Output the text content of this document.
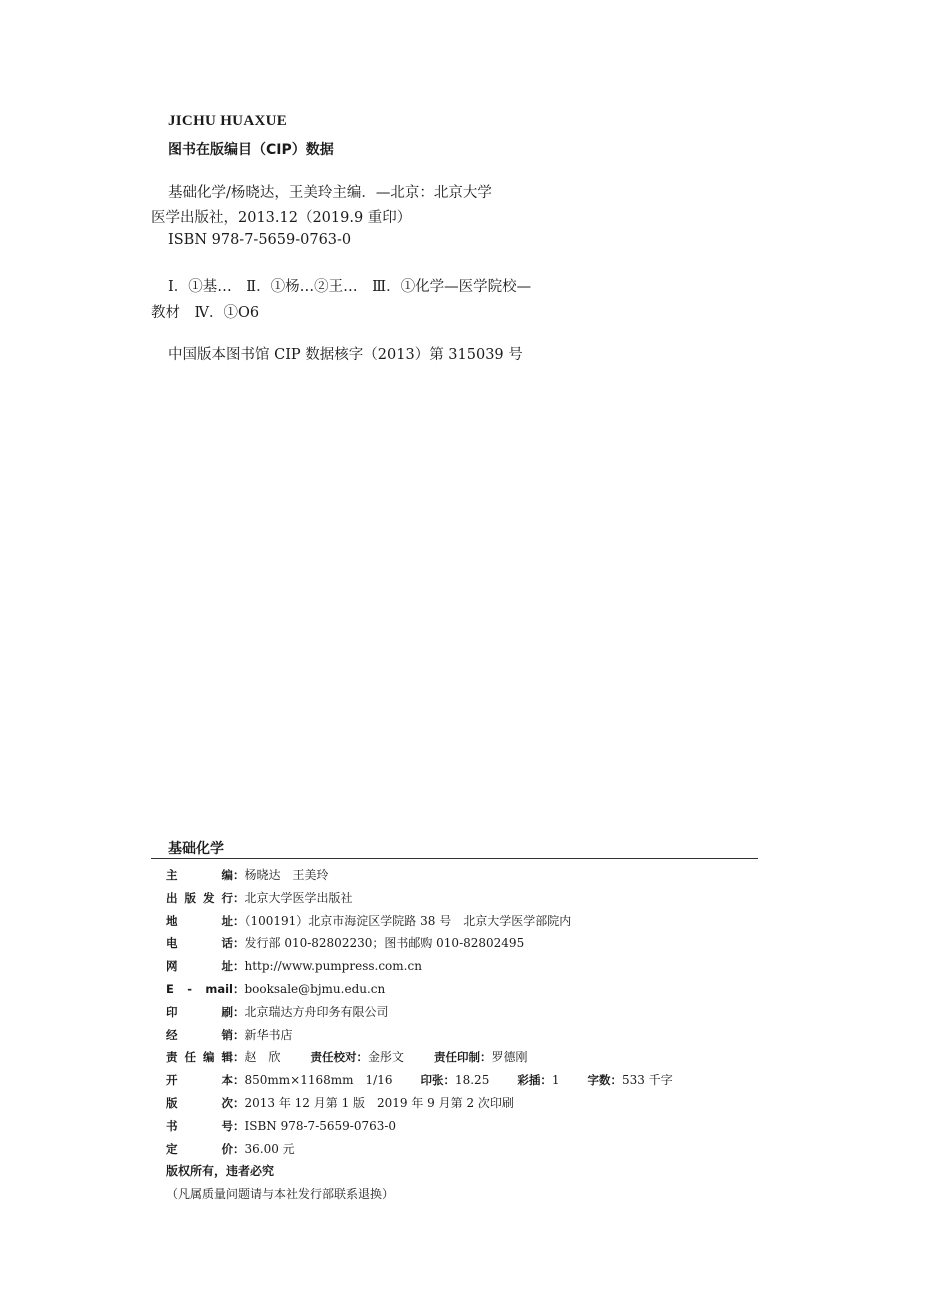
JICHU HUAXUE
图书在版编目（CIP）数据
基础化学/杨晓达，王美玲主编．—北京：北京大学
医学出版社，2013.12（2019.9 重印）
ISBN 978-7-5659-0763-0
Ⅰ．①基…　Ⅱ．①杨…②王…　Ⅲ．①化学—医学院校—
教材　Ⅳ．①O6
中国版本图书馆 CIP 数据核字（2013）第 315039 号
基础化学
主　编：杨晓达　王美玲
出版发行：北京大学医学出版社
地　址：（100191）北京市海淀区学院路 38 号　北京大学医学部院内
电　话：发行部 010-82802230；图书邮购 010-82802495
网　址：http://www.pumpress.com.cn
E - mail：booksale@bjmu.edu.cn
印　刷：北京瑞达方舟印务有限公司
经　销：新华书店
责任编辑：赵　欣	责任校对：金彤文	责任印制：罗德刚
开　本：850mm×1168mm　1/16 印张：18.25 彩插：1 字数：533 千字
版　次：2013 年 12 月第 1 版　2019 年 9 月第 2 次印刷
书　号：ISBN 978-7-5659-0763-0
定　价：36.00 元
版权所有，违者必究
（凡属质量问题请与本社发行部联系退换）
